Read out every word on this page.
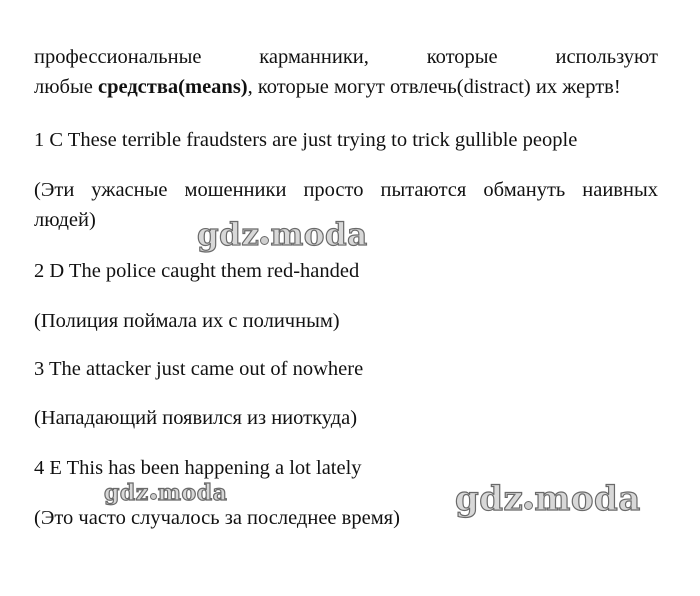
профессиональные	карманники,	которые	используют
любые средства(means), которые могут отвлечь(distract) их жертв!

1 C These terrible fraudsters are just trying to trick gullible people

(Эти ужасные мошенники просто пытаются обмануть наивных
людей)

2 D The police caught them red-handed

(Полиция поймала их с поличным)

3 The attacker just came out of nowhere

(Нападающий появился из ниоткуда)

4 E This has been happening a lot lately

(Это часто случалось за последнее время)

gdz moda
gdz moda	gdz moda
